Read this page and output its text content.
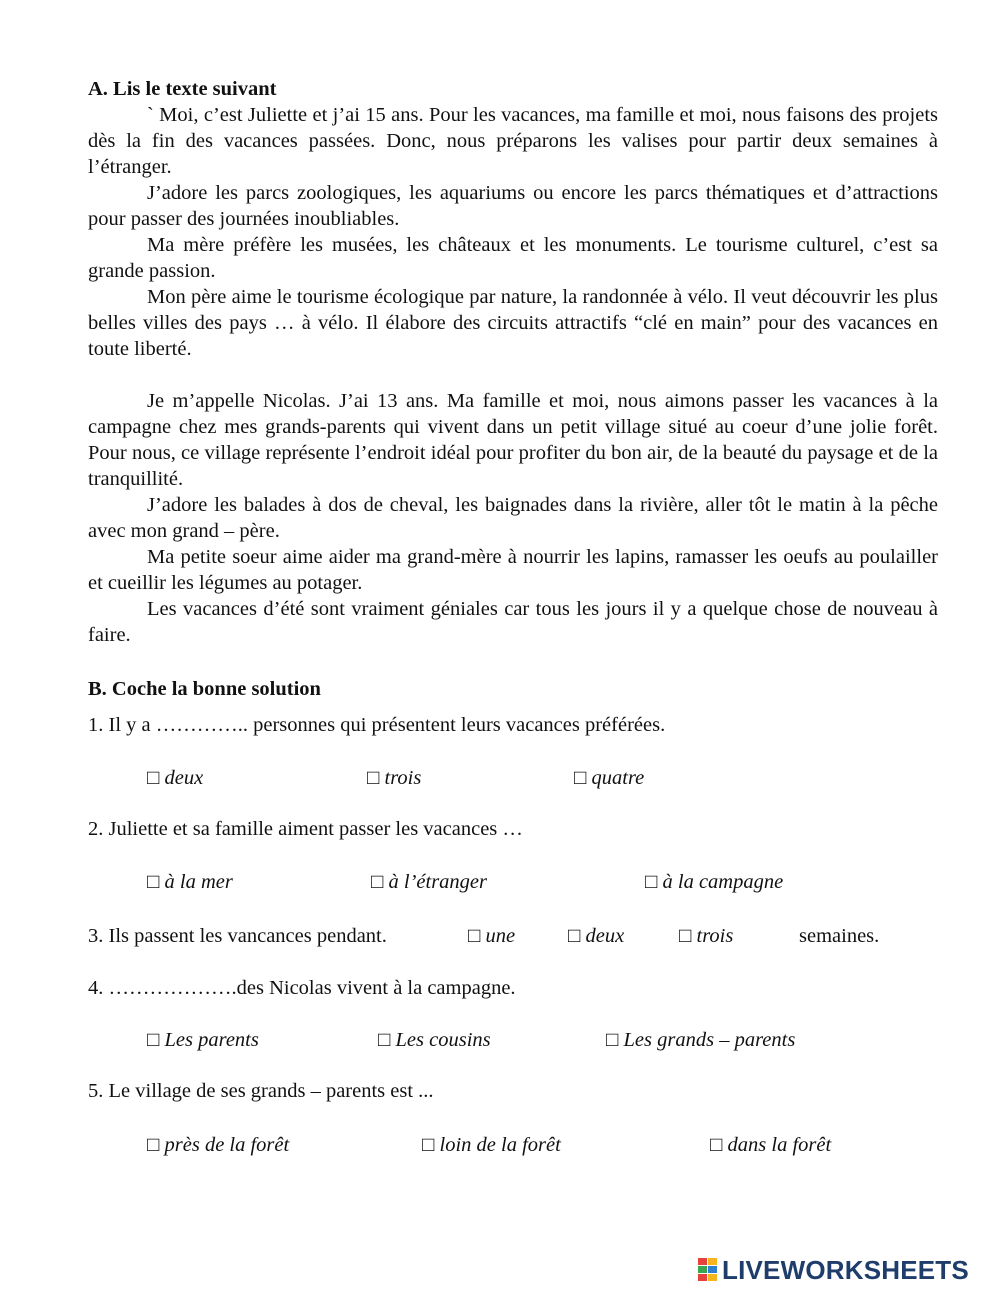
A. Lis le texte suivant

` Moi, c’est Juliette et j’ai 15 ans. Pour les vacances, ma famille et moi, nous faisons des projets dès la fin des vacances passées. Donc, nous préparons les valises pour partir deux semaines à l’étranger.

J’adore les parcs zoologiques, les aquariums ou encore les parcs thématiques et d’attractions pour passer des journées inoubliables.

Ma mère préfère les musées, les châteaux et les monuments. Le tourisme culturel, c’est sa grande passion.

Mon père aime le tourisme écologique par nature, la randonnée à vélo. Il veut découvrir les plus belles villes des pays … à vélo. Il élabore des circuits attractifs “clé en main” pour des vacances en toute liberté.

Je m’appelle Nicolas. J’ai 13 ans. Ma famille et moi, nous aimons passer les vacances à la campagne chez mes grands-parents qui vivent dans un petit village situé au coeur d’une jolie forêt. Pour nous, ce village représente l’endroit idéal pour profiter du bon air, de la beauté du paysage et de la tranquillité.

J’adore les balades à dos de cheval, les baignades dans la rivière, aller tôt le matin à la pêche avec mon grand – père.

Ma petite soeur aime aider ma grand-mère à nourrir les lapins, ramasser les oeufs au poulailler et cueillir les légumes au potager.

Les vacances d’été sont vraiment géniales car tous les jours il y a quelque chose de nouveau à faire.

B. Coche la bonne solution

1. Il y a ………….. personnes qui présentent leurs vacances préférées.

□ deux	□ trois	□ quatre

2. Juliette et sa famille aiment passer les vacances …

□ à la mer	□ à l’étranger	□ à la campagne
3. Ils passent les vancances pendant.	□ une	□ deux	□ trois	semaines.

4. ……………….des Nicolas vivent à la campagne.

□ Les parents	□ Les cousins	□ Les grands – parents

5. Le village de ses grands – parents est ...

□ près de la forêt	□ loin de la forêt	□ dans la forêt
LIVEWORKSHEETS
